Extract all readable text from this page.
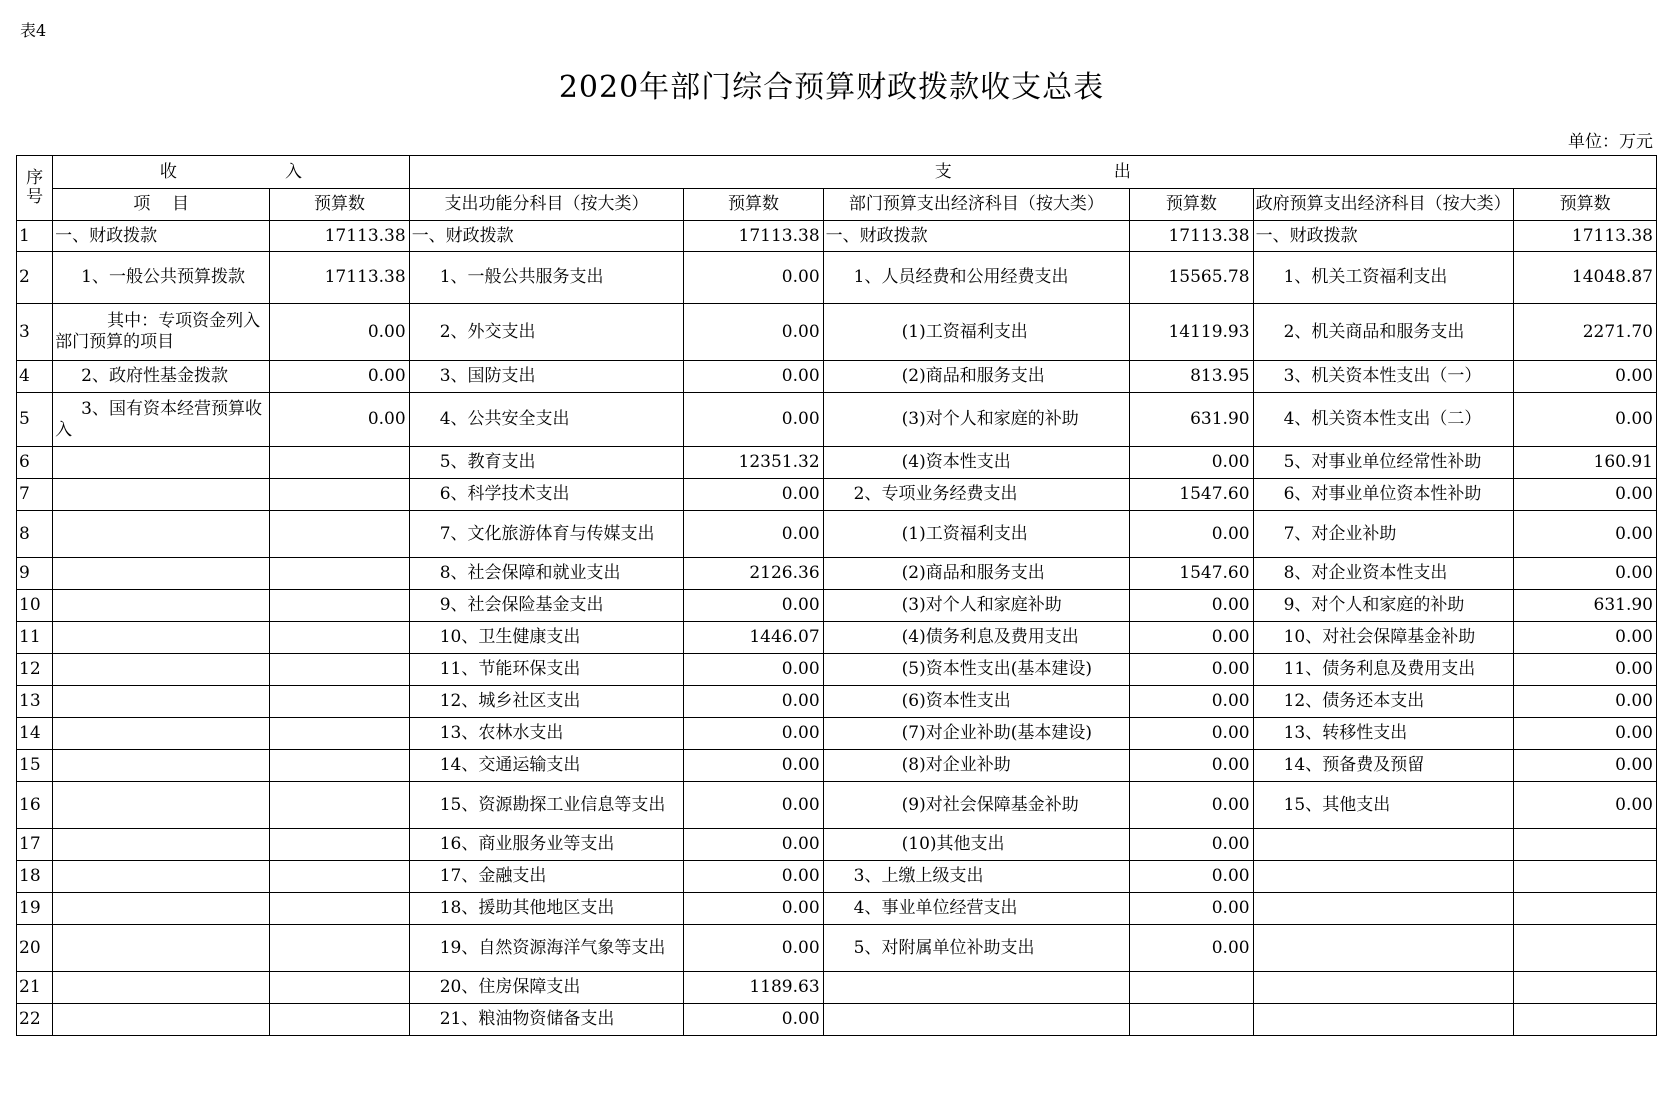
表4
2020年部门综合预算财政拨款收支总表
单位：万元
序号	收                    入		支                              出					
	项    目	预算数	支出功能分科目（按大类）	预算数	部门预算支出经济科目（按大类）	预算数	政府预算支出经济科目（按大类）	预算数
1	一、财政拨款	17113.38	一、财政拨款	17113.38	一、财政拨款	17113.38	一、财政拨款	17113.38
2	1、一般公共预算拨款	17113.38	1、一般公共服务支出	0.00	1、人员经费和公用经费支出	15565.78	1、机关工资福利支出	14048.87
3	其中：专项资金列入部门预算的项目	0.00	2、外交支出	0.00	(1)工资福利支出	14119.93	2、机关商品和服务支出	2271.70
4	2、政府性基金拨款	0.00	3、国防支出	0.00	(2)商品和服务支出	813.95	3、机关资本性支出（一）	0.00
5	3、国有资本经营预算收入	0.00	4、公共安全支出	0.00	(3)对个人和家庭的补助	631.90	4、机关资本性支出（二）	0.00
6			5、教育支出	12351.32	(4)资本性支出	0.00	5、对事业单位经常性补助	160.91
7			6、科学技术支出	0.00	2、专项业务经费支出	1547.60	6、对事业单位资本性补助	0.00
8			7、文化旅游体育与传媒支出	0.00	(1)工资福利支出	0.00	7、对企业补助	0.00
9			8、社会保障和就业支出	2126.36	(2)商品和服务支出	1547.60	8、对企业资本性支出	0.00
10			9、社会保险基金支出	0.00	(3)对个人和家庭补助	0.00	9、对个人和家庭的补助	631.90
11			10、卫生健康支出	1446.07	(4)债务利息及费用支出	0.00	10、对社会保障基金补助	0.00
12			11、节能环保支出	0.00	(5)资本性支出(基本建设)	0.00	11、债务利息及费用支出	0.00
13			12、城乡社区支出	0.00	(6)资本性支出	0.00	12、债务还本支出	0.00
14			13、农林水支出	0.00	(7)对企业补助(基本建设)	0.00	13、转移性支出	0.00
15			14、交通运输支出	0.00	(8)对企业补助	0.00	14、预备费及预留	0.00
16			15、资源勘探工业信息等支出	0.00	(9)对社会保障基金补助	0.00	15、其他支出	0.00
17			16、商业服务业等支出	0.00	(10)其他支出	0.00		
18			17、金融支出	0.00	3、上缴上级支出	0.00		
19			18、援助其他地区支出	0.00	4、事业单位经营支出	0.00		
20			19、自然资源海洋气象等支出	0.00	5、对附属单位补助支出	0.00		
21			20、住房保障支出	1189.63				
22			21、粮油物资储备支出	0.00				
